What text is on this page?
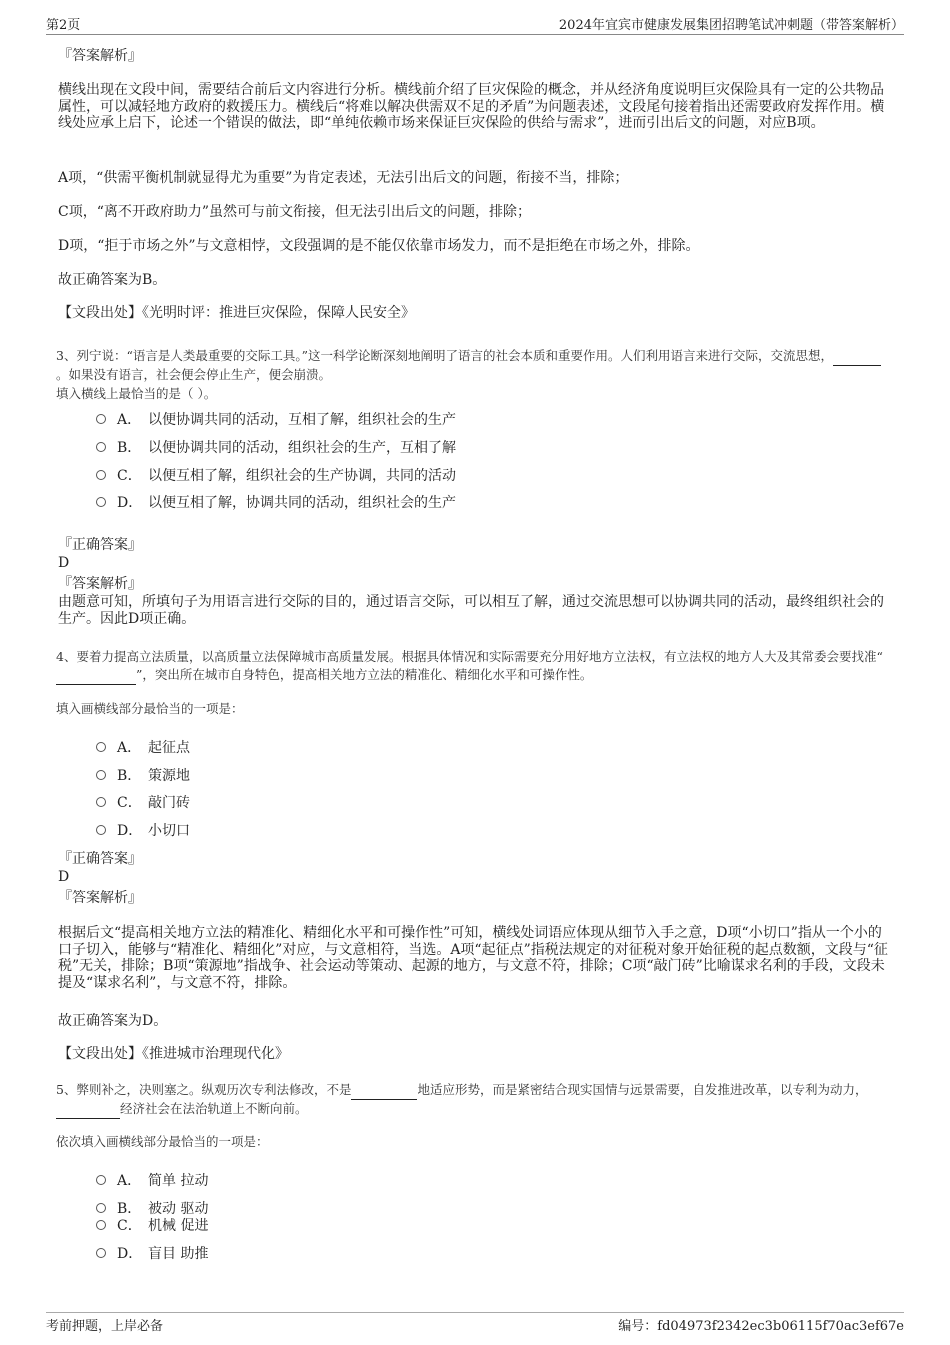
第2页	2024年宜宾市健康发展集团招聘笔试冲刺题（带答案解析）
『答案解析』
横线出现在文段中间，需要结合前后文内容进行分析。横线前介绍了巨灾保险的概念，并从经济角度说明巨灾保险具有一定的公共物品属性，可以减轻地方政府的救援压力。横线后“将难以解决供需双不足的矛盾”为问题表述，文段尾句接着指出还需要政府发挥作用。横线处应承上启下，论述一个错误的做法，即“单纯依赖市场来保证巨灾保险的供给与需求”，进而引出后文的问题，对应B项。
A项，“供需平衡机制就显得尤为重要”为肯定表述，无法引出后文的问题，衔接不当，排除；
C项，“离不开政府助力”虽然可与前文衔接，但无法引出后文的问题，排除；
D项，“拒于市场之外”与文意相悖，文段强调的是不能仅依靠市场发力，而不是拒绝在市场之外，排除。
故正确答案为B。
【文段出处】《光明时评：推进巨灾保险，保障人民安全》
3、列宁说：“语言是人类最重要的交际工具。”这一科学论断深刻地阐明了语言的社会本质和重要作用。人们利用语言来进行交际，交流思想， 。如果没有语言，社会便会停止生产，便会崩溃。
填入横线上最恰当的是（ ）。
A． 以便协调共同的活动，互相了解，组织社会的生产
B． 以便协调共同的活动，组织社会的生产，互相了解
C． 以便互相了解，组织社会的生产协调，共同的活动
D． 以便互相了解，协调共同的活动，组织社会的生产
『正确答案』
D
『答案解析』
由题意可知，所填句子为用语言进行交际的目的，通过语言交际，可以相互了解，通过交流思想可以协调共同的活动，最终组织社会的生产。因此D项正确。
4、要着力提高立法质量，以高质量立法保障城市高质量发展。根据具体情况和实际需要充分用好地方立法权，有立法权的地方人大及其常委会要找准“ ”，突出所在城市自身特色，提高相关地方立法的精准化、精细化水平和可操作性。
填入画横线部分最恰当的一项是：
A． 起征点
B． 策源地
C． 敲门砖
D． 小切口
『正确答案』
D
『答案解析』
根据后文“提高相关地方立法的精准化、精细化水平和可操作性”可知，横线处词语应体现从细节入手之意，D项“小切口”指从一个小的口子切入，能够与“精准化、精细化”对应，与文意相符，当选。A项“起征点”指税法规定的对征税对象开始征税的起点数额，文段与“征税”无关，排除；B项“策源地”指战争、社会运动等策动、起源的地方，与文意不符，排除；C项“敲门砖”比喻谋求名利的手段，文段未提及“谋求名利”，与文意不符，排除。
故正确答案为D。
【文段出处】《推进城市治理现代化》
5、弊则补之，决则塞之。纵观历次专利法修改，不是	地适应形势，而是紧密结合现实国情与远景需要，自发推进改革，以专利为动力， 经济社会在法治轨道上不断向前。
依次填入画横线部分最恰当的一项是：
A． 简单 拉动
B． 被动 驱动
C． 机械 促进
D． 盲目 助推
考前押题，上岸必备	编号：fd04973f2342ec3b06115f70ac3ef67e
